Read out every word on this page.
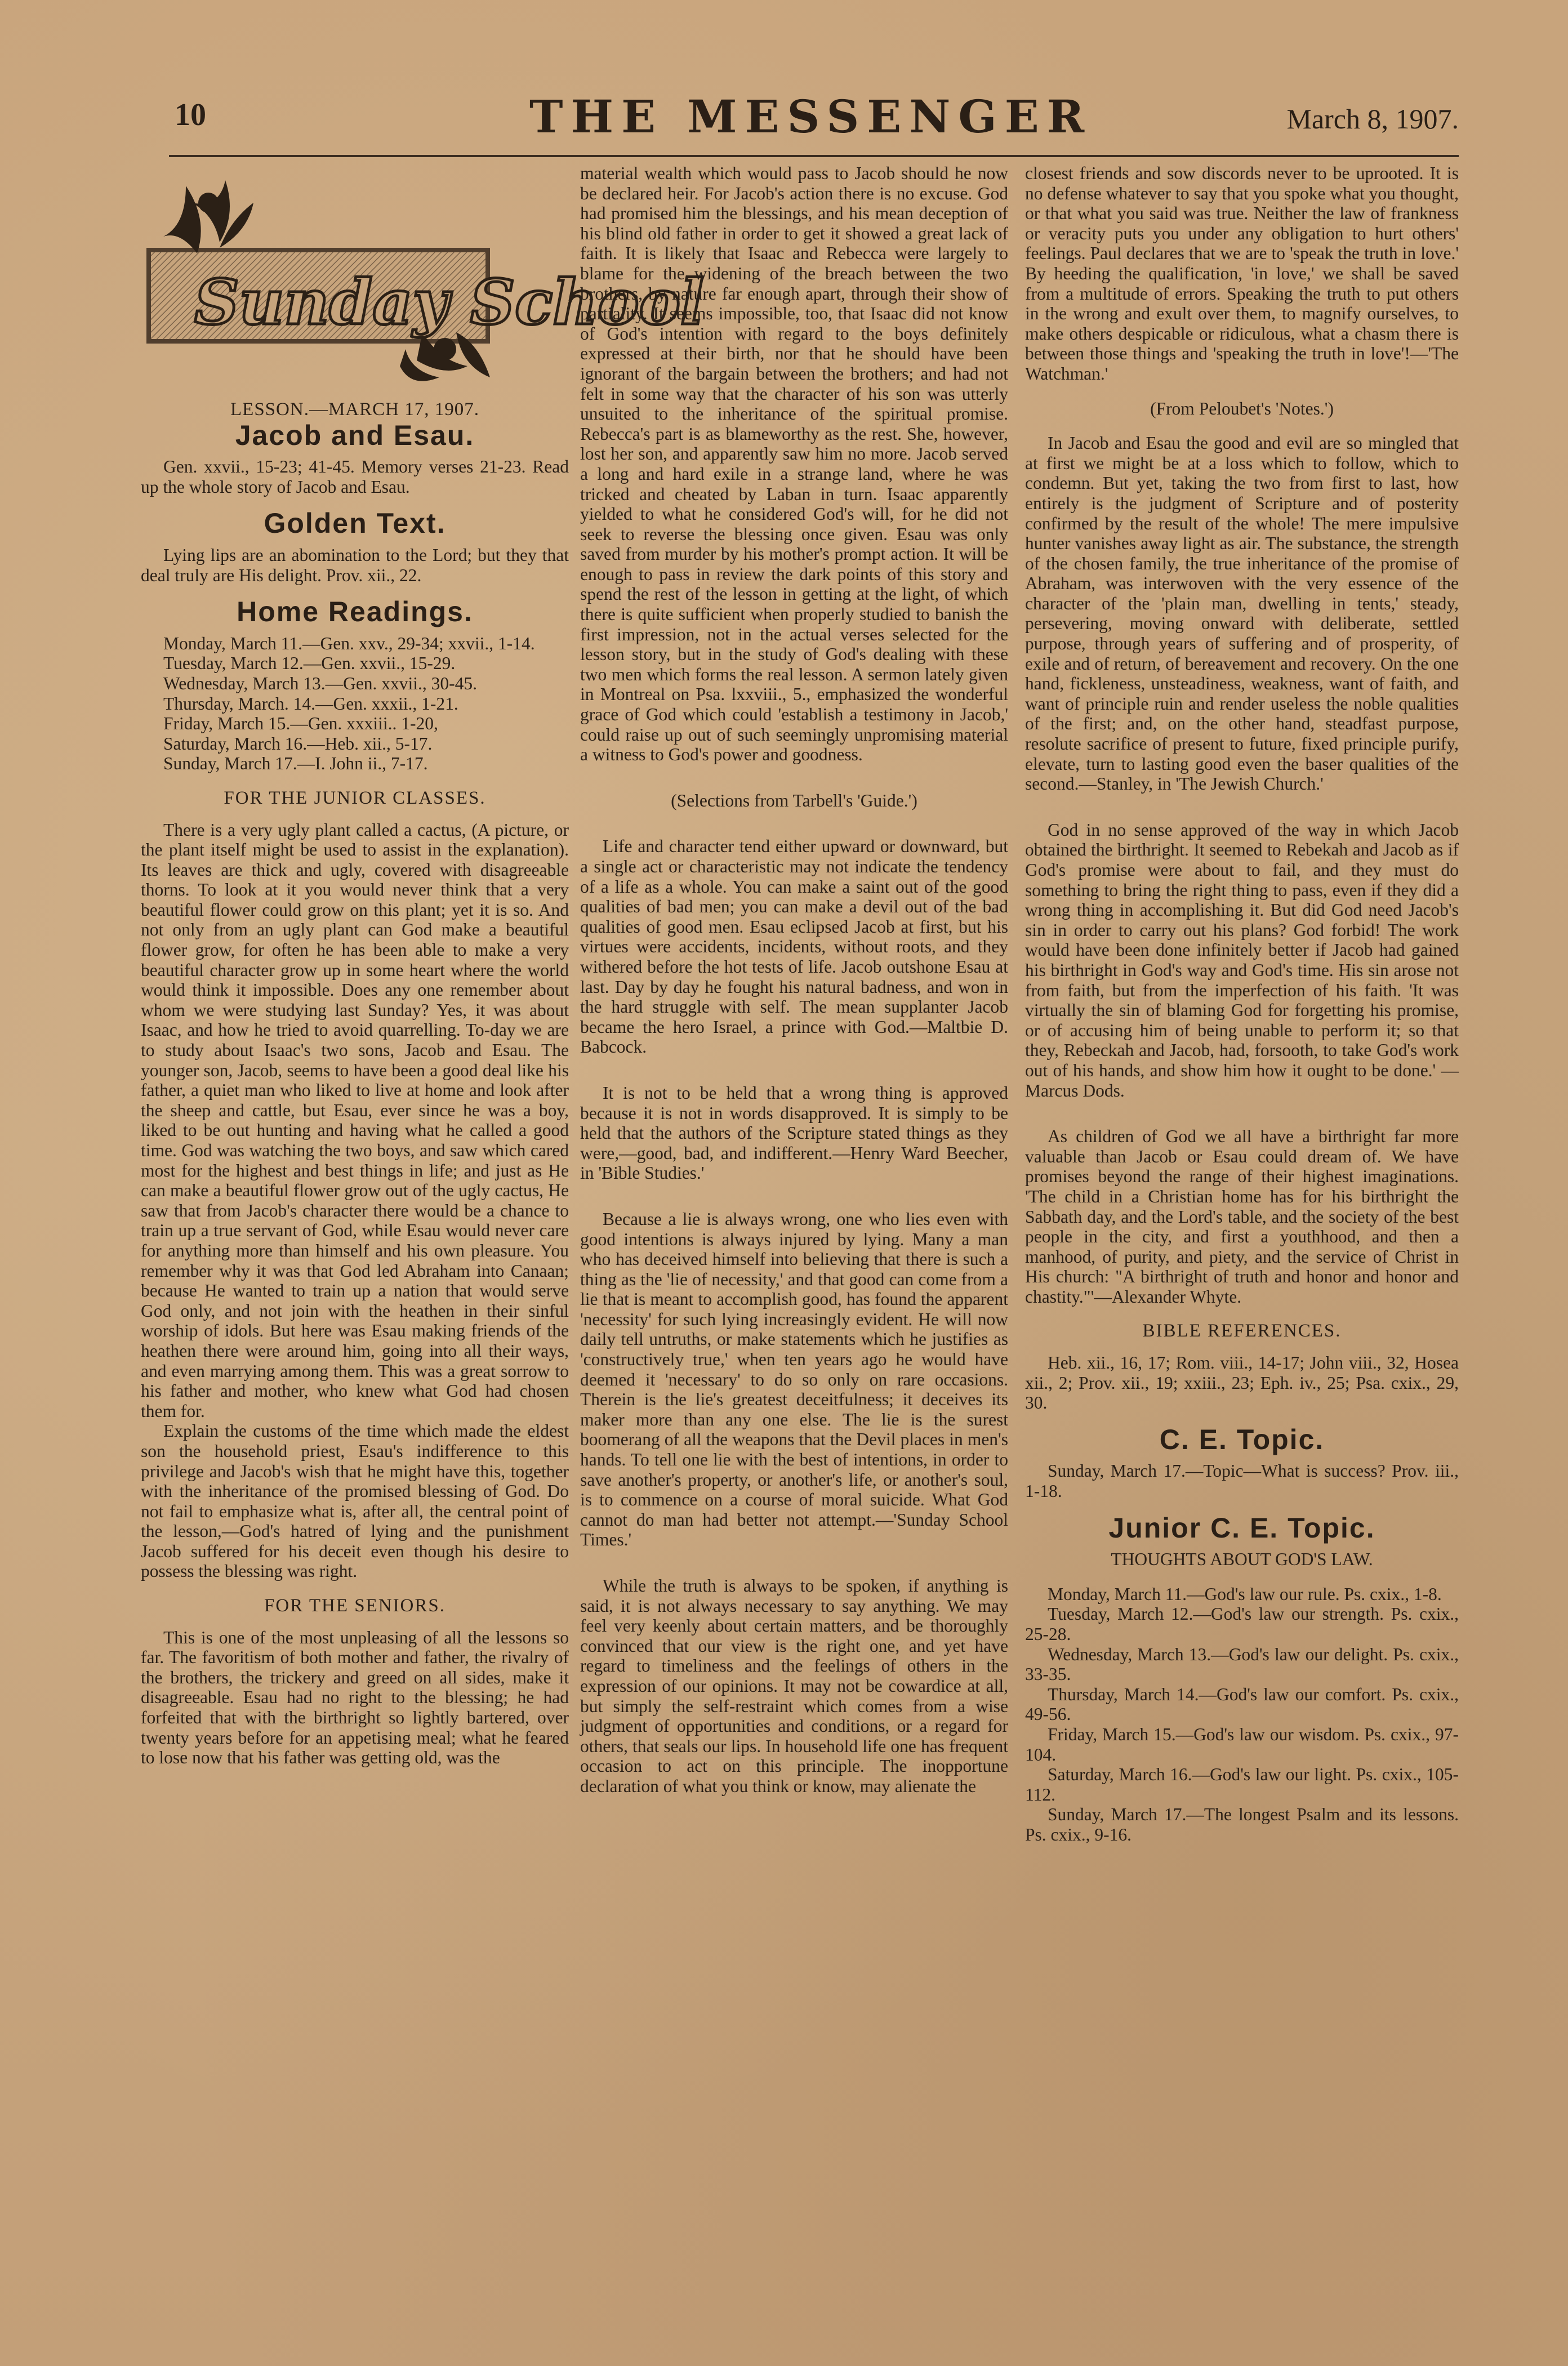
10	THE MESSENGER	March 8, 1907.
Sunday School
LESSON.—MARCH 17, 1907.
Jacob and Esau.

Gen. xxvii., 15-23; 41-45. Memory verses 21-23. Read up the whole story of Jacob and Esau.

Golden Text.

Lying lips are an abomination to the Lord; but they that deal truly are His delight. Prov. xii., 22.

Home Readings.

Monday, March 11.—Gen. xxv., 29-34; xxvii., 1-14.

Tuesday, March 12.—Gen. xxvii., 15-29.

Wednesday, March 13.—Gen. xxvii., 30-45.

Thursday, March. 14.—Gen. xxxii., 1-21.

Friday, March 15.—Gen. xxxiii.. 1-20,

Saturday, March 16.—Heb. xii., 5-17.

Sunday, March 17.—I. John ii., 7-17.

FOR THE JUNIOR CLASSES.

There is a very ugly plant called a cactus, (A picture, or the plant itself might be used to assist in the explanation). Its leaves are thick and ugly, covered with disagreeable thorns. To look at it you would never think that a very beautiful flower could grow on this plant; yet it is so. And not only from an ugly plant can God make a beautiful flower grow, for often he has been able to make a very beautiful character grow up in some heart where the world would think it impossible. Does any one remember about whom we were studying last Sunday? Yes, it was about Isaac, and how he tried to avoid quarrelling. To-day we are to study about Isaac's two sons, Jacob and Esau. The younger son, Jacob, seems to have been a good deal like his father, a quiet man who liked to live at home and look after the sheep and cattle, but Esau, ever since he was a boy, liked to be out hunting and having what he called a good time. God was watching the two boys, and saw which cared most for the highest and best things in life; and just as He can make a beautiful flower grow out of the ugly cactus, He saw that from Jacob's character there would be a chance to train up a true servant of God, while Esau would never care for anything more than himself and his own pleasure. You remember why it was that God led Abraham into Canaan; because He wanted to train up a nation that would serve God only, and not join with the heathen in their sinful worship of idols. But here was Esau making friends of the heathen there were around him, going into all their ways, and even marrying among them. This was a great sorrow to his father and mother, who knew what God had chosen them for.

Explain the customs of the time which made the eldest son the household priest, Esau's indifference to this privilege and Jacob's wish that he might have this, together with the inheritance of the promised blessing of God. Do not fail to emphasize what is, after all, the central point of the lesson,—God's hatred of lying and the punishment Jacob suffered for his deceit even though his desire to possess the blessing was right.

FOR THE SENIORS.

This is one of the most unpleasing of all the lessons so far. The favoritism of both mother and father, the rivalry of the brothers, the trickery and greed on all sides, make it disagreeable. Esau had no right to the blessing; he had forfeited that with the birthright so lightly bartered, over twenty years before for an appetising meal; what he feared to lose now that his father was getting old, was the

material wealth which would pass to Jacob should he now be declared heir. For Jacob's action there is no excuse. God had promised him the blessings, and his mean deception of his blind old father in order to get it showed a great lack of faith. It is likely that Isaac and Rebecca were largely to blame for the widening of the breach between the two brothers, by nature far enough apart, through their show of partiality. It seems impossible, too, that Isaac did not know of God's intention with regard to the boys definitely expressed at their birth, nor that he should have been ignorant of the bargain between the brothers; and had not felt in some way that the character of his son was utterly unsuited to the inheritance of the spiritual promise. Rebecca's part is as blameworthy as the rest. She, however, lost her son, and apparently saw him no more. Jacob served a long and hard exile in a strange land, where he was tricked and cheated by Laban in turn. Isaac apparently yielded to what he considered God's will, for he did not seek to reverse the blessing once given. Esau was only saved from murder by his mother's prompt action. It will be enough to pass in review the dark points of this story and spend the rest of the lesson in getting at the light, of which there is quite sufficient when properly studied to banish the first impression, not in the actual verses selected for the lesson story, but in the study of God's dealing with these two men which forms the real lesson. A sermon lately given in Montreal on Psa. lxxviii., 5., emphasized the wonderful grace of God which could 'establish a testimony in Jacob,' could raise up out of such seemingly unpromising material a witness to God's power and goodness.

(Selections from Tarbell's 'Guide.')

Life and character tend either upward or downward, but a single act or characteristic may not indicate the tendency of a life as a whole. You can make a saint out of the good qualities of bad men; you can make a devil out of the bad qualities of good men. Esau eclipsed Jacob at first, but his virtues were accidents, incidents, without roots, and they withered before the hot tests of life. Jacob outshone Esau at last. Day by day he fought his natural badness, and won in the hard struggle with self. The mean supplanter Jacob became the hero Israel, a prince with God.—Maltbie D. Babcock.

It is not to be held that a wrong thing is approved because it is not in words disapproved. It is simply to be held that the authors of the Scripture stated things as they were,—good, bad, and indifferent.—Henry Ward Beecher, in 'Bible Studies.'

Because a lie is always wrong, one who lies even with good intentions is always injured by lying. Many a man who has deceived himself into believing that there is such a thing as the 'lie of necessity,' and that good can come from a lie that is meant to accomplish good, has found the apparent 'necessity' for such lying increasingly evident. He will now daily tell untruths, or make statements which he justifies as 'constructively true,' when ten years ago he would have deemed it 'necessary' to do so only on rare occasions. Therein is the lie's greatest deceitfulness; it deceives its maker more than any one else. The lie is the surest boomerang of all the weapons that the Devil places in men's hands. To tell one lie with the best of intentions, in order to save another's property, or another's life, or another's soul, is to commence on a course of moral suicide. What God cannot do man had better not attempt.—'Sunday School Times.'

While the truth is always to be spoken, if anything is said, it is not always necessary to say anything. We may feel very keenly about certain matters, and be thoroughly convinced that our view is the right one, and yet have regard to timeliness and the feelings of others in the expression of our opinions. It may not be cowardice at all, but simply the self-restraint which comes from a wise judgment of opportunities and conditions, or a regard for others, that seals our lips. In household life one has frequent occasion to act on this principle. The inopportune declaration of what you think or know, may alienate the

closest friends and sow discords never to be uprooted. It is no defense whatever to say that you spoke what you thought, or that what you said was true. Neither the law of frankness or veracity puts you under any obligation to hurt others' feelings. Paul declares that we are to 'speak the truth in love.' By heeding the qualification, 'in love,' we shall be saved from a multitude of errors. Speaking the truth to put others in the wrong and exult over them, to magnify ourselves, to make others despicable or ridiculous, what a chasm there is between those things and 'speaking the truth in love'!—'The Watchman.'

(From Peloubet's 'Notes.')

In Jacob and Esau the good and evil are so mingled that at first we might be at a loss which to follow, which to condemn. But yet, taking the two from first to last, how entirely is the judgment of Scripture and of posterity confirmed by the result of the whole! The mere impulsive hunter vanishes away light as air. The substance, the strength of the chosen family, the true inheritance of the promise of Abraham, was interwoven with the very essence of the character of the 'plain man, dwelling in tents,' steady, persevering, moving onward with deliberate, settled purpose, through years of suffering and of prosperity, of exile and of return, of bereavement and recovery. On the one hand, fickleness, unsteadiness, weakness, want of faith, and want of principle ruin and render useless the noble qualities of the first; and, on the other hand, steadfast purpose, resolute sacrifice of present to future, fixed principle purify, elevate, turn to lasting good even the baser qualities of the second.—Stanley, in 'The Jewish Church.'

God in no sense approved of the way in which Jacob obtained the birthright. It seemed to Rebekah and Jacob as if God's promise were about to fail, and they must do something to bring the right thing to pass, even if they did a wrong thing in accomplishing it. But did God need Jacob's sin in order to carry out his plans? God forbid! The work would have been done infinitely better if Jacob had gained his birthright in God's way and God's time. His sin arose not from faith, but from the imperfection of his faith. 'It was virtually the sin of blaming God for forgetting his promise, or of accusing him of being unable to perform it; so that they, Rebeckah and Jacob, had, forsooth, to take God's work out of his hands, and show him how it ought to be done.' —Marcus Dods.

As children of God we all have a birthright far more valuable than Jacob or Esau could dream of. We have promises beyond the range of their highest imaginations. 'The child in a Christian home has for his birthright the Sabbath day, and the Lord's table, and the society of the best people in the city, and first a youthhood, and then a manhood, of purity, and piety, and the service of Christ in His church: "A birthright of truth and honor and honor and chastity."'—Alexander Whyte.

BIBLE REFERENCES.

Heb. xii., 16, 17; Rom. viii., 14-17; John viii., 32, Hosea xii., 2; Prov. xii., 19; xxiii., 23; Eph. iv., 25; Psa. cxix., 29, 30.

C. E. Topic.

Sunday, March 17.—Topic—What is success? Prov. iii., 1-18.

Junior C. E. Topic.
THOUGHTS ABOUT GOD'S LAW.

Monday, March 11.—God's law our rule. Ps. cxix., 1-8.

Tuesday, March 12.—God's law our strength. Ps. cxix., 25-28.

Wednesday, March 13.—God's law our delight. Ps. cxix., 33-35.

Thursday, March 14.—God's law our comfort. Ps. cxix., 49-56.

Friday, March 15.—God's law our wisdom. Ps. cxix., 97-104.

Saturday, March 16.—God's law our light. Ps. cxix., 105-112.

Sunday, March 17.—The longest Psalm and its lessons. Ps. cxix., 9-16.
